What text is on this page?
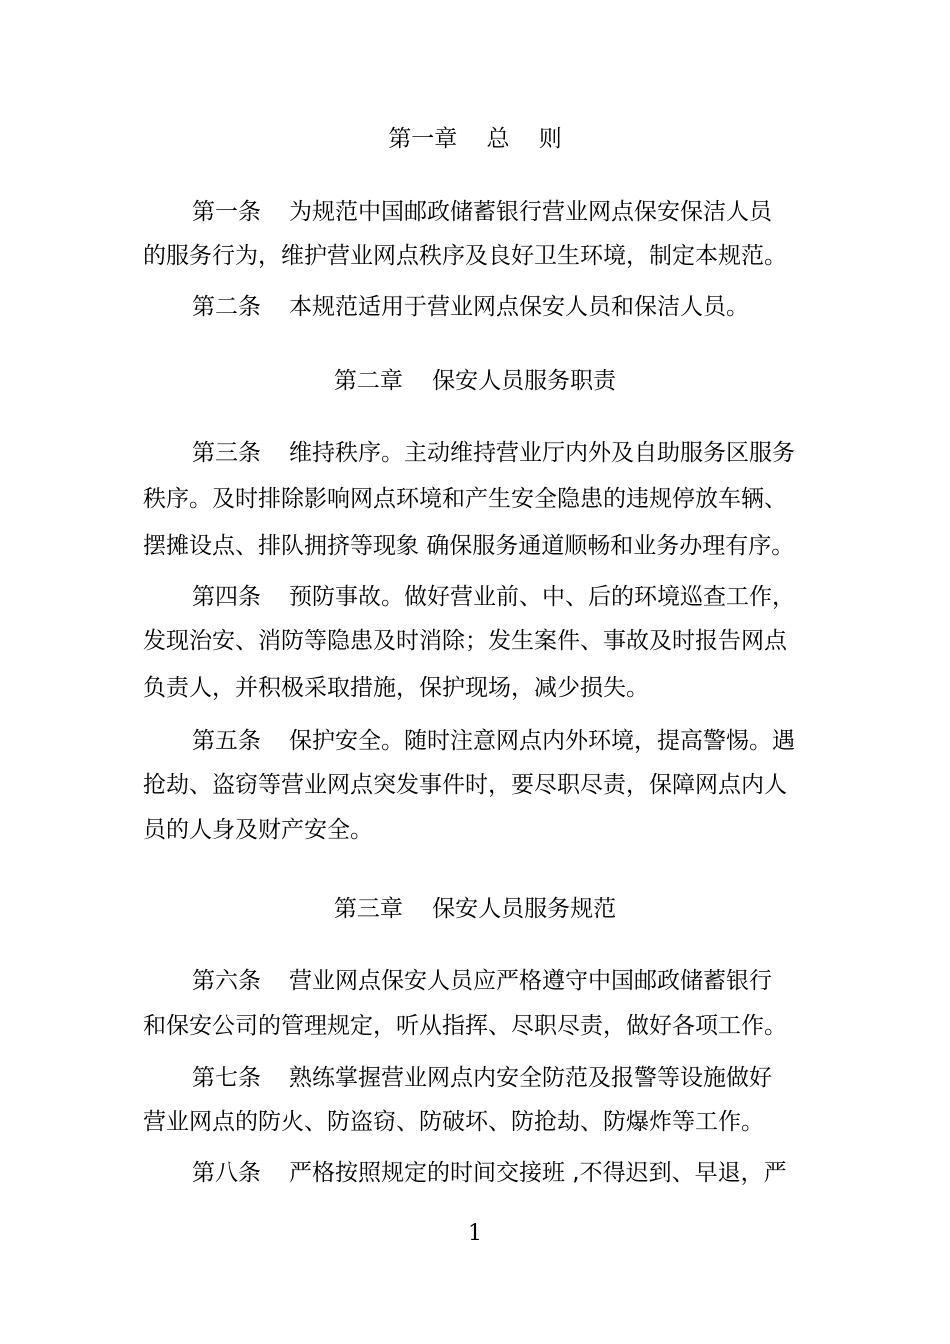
第一章    总    则
第一条 为规范中国邮政储蓄银行营业网点保安保洁人员
的服务行为，维护营业网点秩序及良好卫生环境，制定本规范。
第二条 本规范适用于营业网点保安人员和保洁人员。
第二章    保安人员服务职责
第三条 维持秩序。主动维持营业厅内外及自助服务区服务
秩序。及时排除影响网点环境和产生安全隐患的违规停放车辆、
摆摊设点、排队拥挤等现象 确保服务通道顺畅和业务办理有序。
第四条 预防事故。做好营业前、中、后的环境巡查工作，
发现治安、消防等隐患及时消除；发生案件、事故及时报告网点
负责人，并积极采取措施，保护现场，减少损失。
第五条 保护安全。随时注意网点内外环境，提高警惕。遇
抢劫、盗窃等营业网点突发事件时，要尽职尽责，保障网点内人
员的人身及财产安全。
第三章    保安人员服务规范
第六条 营业网点保安人员应严格遵守中国邮政储蓄银行
和保安公司的管理规定，听从指挥、尽职尽责，做好各项工作。
第七条 熟练掌握营业网点内安全防范及报警等设施做好
营业网点的防火、防盗窃、防破坏、防抢劫、防爆炸等工作。
第八条 严格按照规定的时间交接班 ,不得迟到、早退，严
1
